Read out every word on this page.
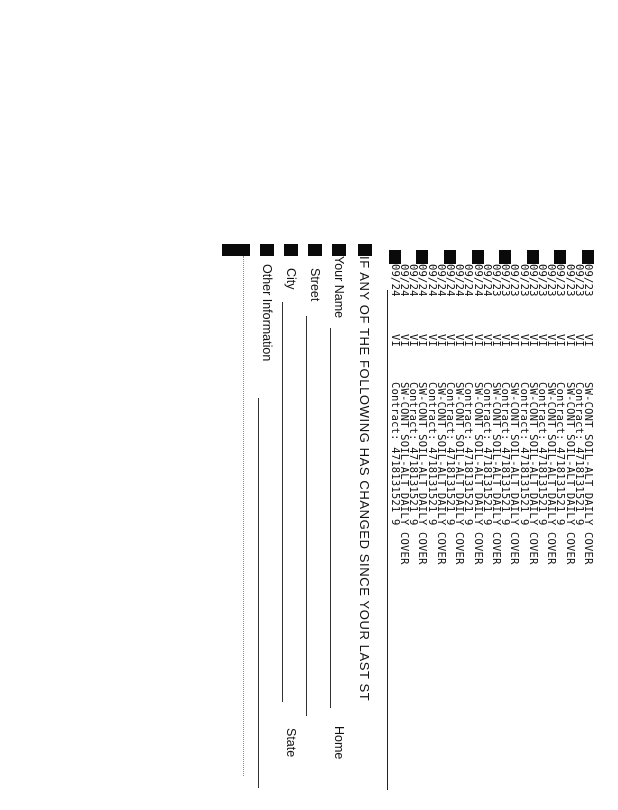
09/23
VI
SW-CONT SOIL-ALT DAILY COVER
09/23
VI
Contract: 4718131521 9
09/23
VI
SW-CONT SOIL-ALT DAILY COVER
09/23
VI
Contract: 4718131521 9
09/23
VI
SW-CONT SOIL-ALT DAILY COVER
09/23
VI
Contract: 4718131521 9
09/23
VI
SW-CONT SOIL-ALT DAILY COVER
09/23
VI
Contract: 4718131521 9
09/23
VI
SW-CONT SOIL-ALT DAILY COVER
09/23
VI
Contract: 4718131521 9
09/23
VI
SW-CONT SOIL-ALT DAILY COVER
09/24
VI
Contract: 4718131521 9
09/24
VI
SW-CONT SOIL-ALT DAILY COVER
09/24
VI
Contract: 4718131521 9
09/24
VI
SW-CONT SOIL-ALT DAILY COVER
09/24
VI
Contract: 4718131521 9
09/24
VI
SW-CONT SOIL-ALT DAILY COVER
09/24
VI
Contract: 4718131521 9
09/24
VI
SW-CONT SOIL-ALT DAILY COVER
09/24
VI
Contract: 4718131521 9
09/24
VI
SW-CONT SOIL-ALT DAILY COVER
09/24
VI
Contract: 4718131521 9
IF ANY OF THE FOLLOWING HAS CHANGED SINCE YOUR LAST ST
Your Name
Home
Street
City
State
Other Information
